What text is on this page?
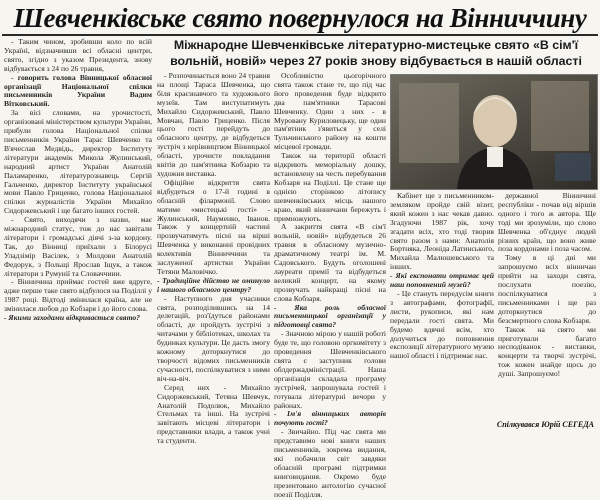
Шевченківське свято повернулося на Вінниччину
Міжнародне Шевченківське літературно-мистецьке свято «В сім'ї вольній, новій» через 27 років знову відбувається в нашій області

- Таким чином, зробивши коло по всій Україні, відзначивши всі обласні центри, свято, згідно з указом Президента, знову відбувається з 24 по 26 травня,

- говорить голова Вінницької обласної організації Національної спілки письменників України Вадим Вітковський.

За вісі словами, на урочистості, організовані міністерством культури України, прибули голова Національної спілки письменників України Тарас Шевченко та В'ячеслав Медвідь, директор Інституту літератури академік Микола Жулинський, народний артист України Анатолій Паламаренко, літературознавець Сергій Гальченко, директор Інституту української мови Павло Гриценко, голова Національної спілки журналістів України Михайло Сидоржевський і ще багато інших гостей.

- Свято, виходячи з назви, має міжнародний статус, тож до нас завітали літератори і громадські діячі з-за кордону. Так, до Вінниці приїхали з Білорусі Уладзімір Васілек, з Молдови Анатолій Федорук, з Польщі Ярослав Іщук, а також літератори з Румунії та Словаччини.

- Вінничина приймає гостей вже вдруге, адже перше таке свято відбулося на Поділлі у 1987 році. Відтоді змінилася країна, але не змінилася любов до Кобзаря і до його слова.

- Якими заходами відкривається свято?

- Розпочинається воно 24 травня на площі Тараса Шевченка, що біля краєзнавчого та художнього музеїв. Там виступатимуть Михайло Сидоржевський, Павло Мовчан, Павло Гриценко. Після цього гості перейдуть до обласного центру, де відбудеться зустріч з керівництвом Вінницької області, урочисте покладання квітів до пам'ятника Кобзарю та художня виставка.

Офіційне відкриття свята відбудеться о 17-й годині в обласній філармонії. Слово матиме «мистецькі гості» - Жулинський, Науменко, Іванов. Також у концертній частині прозвучатимуть пісні на вірші Шевченка у виконанні провідних колективів Вінниччини та заслуженої артистки України Тетяни Маловічко.

- Традиційне дійство не оминуло і нашого обласного центру?

- Наступного дня учасники свята, розподілившись на 14 делегацій, роз'їдуться районами області, де пройдуть зустрічі з читачами у бібліотеках, школах та будинках культури. Це дасть змогу кожному доторкнутися до творчості відомих письменників сучасності, поспілкуватися з ними віч-на-віч.

Серед них - Михайло Сидоржевський, Тетяна Шевчук, Анатолій Подолюк, Михайло Стельмах та інші. На зустрічі завітають місцеві літератори і представники влади, а також учні та студенти.

Особливістю цьогорічного свята також стане те, що під час його проведення буде відкрито два пам'ятники Тарасові Шевченку. Один з них - в Муровану Куриловецьку, ще один пам'ятник з'явиться у селі Тульчинського району на кошти місцевої громади.

Також на території області відкриють меморіальну дошку, встановлену на честь перебування Кобзаря на Поділлі. Це стане ще однією сторінкою літопису шевченківських місць нашого краю, який вінничани бережуть і примножують.

А закриття свята «В сім'ї вольній, новій» відбудеться 26 травня в обласному музично-драматичному театрі ім. М. Садовського. Будуть оголошені лауреати премії та відбудеться великий концерт, на якому прозвучать найкращі пісні на слова Кобзаря.

- Яка роль обласної письменницької організації у підготовці свята?

- Значною мірою у нашій роботі буде те, що головою оргкомітету з проведення Шевченківського свята є заступник голови облдержадміністрації. Наша організація складала програму зустрічей, запрошувала гостей і готувала літературні вечори у районах.

- Ім'я вінницьких авторів почують гості?

- Звичайно. Під час свята ми представимо нові книги наших письменників, зокрема видання, які побачили світ завдяки обласній програмі підтримки книговидання. Окремо буде презентовано антологію сучасної поезії Поділля.

Кабінет ще з письменником-земляком пройде свій візит, який кожен з нас чекав давно. Згадуючи 1987 рік, хочу згадати всіх, хто тоді творив свято разом з нами: Анатолія Бортняка, Леоніда Латинського, Михайла Малюшевського та інших.

- Які експонати отримає цей наш поповнений музей?

- Це стануть передусім книги з автографами, фотографії, листи, рукописи, які нам передали гості свята. Ми будемо вдячні всім, хто долучиться до поповнення експозиції літературного музею нашої області і підтримає нас.

державної Вінничині республіки - почав від віршів одного і того ж автора. Ще тоді ми зрозуміли, що слово Шевченка об'єднує людей різних країн, що воно живе поза кордонами і поза часом.

Тому в ці дні ми запрошуємо всіх вінничан прийти на заходи свята, послухати поезію, поспілкуватися з письменниками і ще раз доторкнутися до безсмертного слова Кобзаря.

Також на свято ми приготували багато несподіванок - виставки, концерти та творчі зустрічі, тож кожен знайде щось до душі. Запрошуємо!

Спілкувався Юрій СЕГЕДА
